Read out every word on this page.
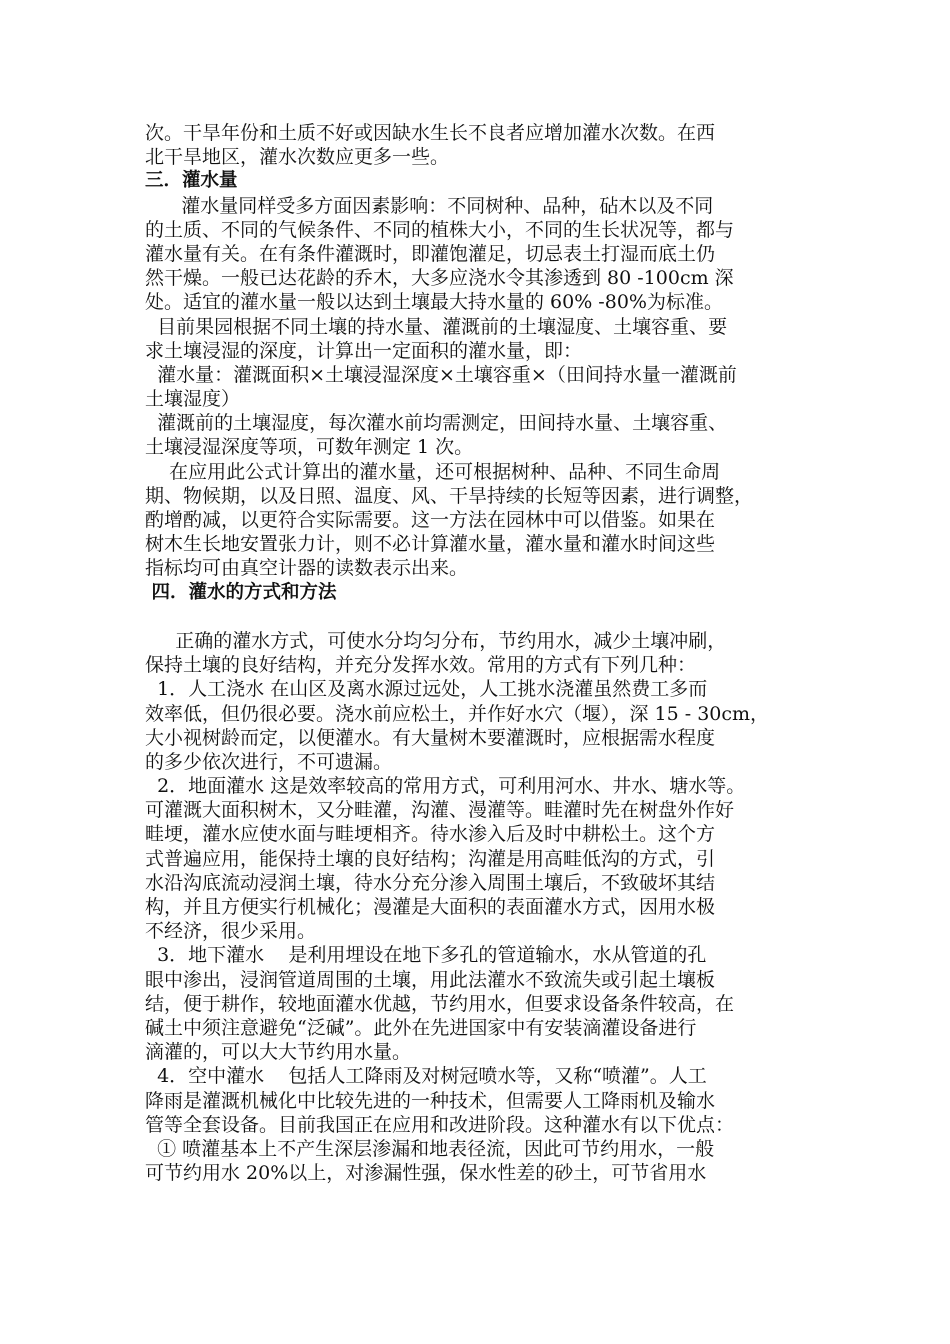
次。干旱年份和土质不好或因缺水生长不良者应增加灌水次数。在西
北干旱地区，灌水次数应更多一些。
三．灌水量
灌水量同样受多方面因素影响：不同树种、品种，砧木以及不同
的土质、不同的气候条件、不同的植株大小，不同的生长状况等，都与
灌水量有关。在有条件灌溉时，即灌饱灌足，切忌表土打湿而底土仍
然干燥。一般已达花龄的乔木，大多应浇水令其渗透到 80 -100cm 深
处。适宜的灌水量一般以达到土壤最大持水量的 60% -80%为标准。
目前果园根据不同土壤的持水量、灌溉前的土壤湿度、土壤容重、要
求土壤浸湿的深度，计算出一定面积的灌水量，即：
灌水量：灌溉面积×土壤浸湿深度×土壤容重×（田间持水量一灌溉前
土壤湿度）
灌溉前的土壤湿度，每次灌水前均需测定，田间持水量、土壤容重、
土壤浸湿深度等项，可数年测定 1 次。
在应用此公式计算出的灌水量，还可根据树种、品种、不同生命周
期、物候期，以及日照、温度、风、干旱持续的长短等因素，进行调整，
酌增酌减，以更符合实际需要。这一方法在园林中可以借鉴。如果在
树木生长地安置张力计，则不必计算灌水量，灌水量和灌水时间这些
指标均可由真空计器的读数表示出来。
四．灌水的方式和方法
正确的灌水方式，可使水分均匀分布，节约用水，减少土壤冲刷，
保持土壤的良好结构，并充分发挥水效。常用的方式有下列几种：
1．人工浇水 在山区及离水源过远处，人工挑水浇灌虽然费工多而
效率低，但仍很必要。浇水前应松土，并作好水穴（堰），深 15 - 30cm，
大小视树龄而定，以便灌水。有大量树木要灌溉时，应根据需水程度
的多少依次进行，不可遗漏。
2．地面灌水 这是效率较高的常用方式，可利用河水、井水、塘水等。
可灌溉大面积树木，又分畦灌，沟灌、漫灌等。畦灌时先在树盘外作好
畦埂，灌水应使水面与畦埂相齐。待水渗入后及时中耕松土。这个方
式普遍应用，能保持土壤的良好结构；沟灌是用高畦低沟的方式，引
水沿沟底流动浸润土壤，待水分充分渗入周围土壤后，不致破坏其结
构，并且方便实行机械化；漫灌是大面积的表面灌水方式，因用水极
不经济，很少采用。
3．地下灌水    是利用埋设在地下多孔的管道输水，水从管道的孔
眼中渗出，浸润管道周围的土壤，用此法灌水不致流失或引起土壤板
结，便于耕作，较地面灌水优越，节约用水，但要求设备条件较高，在
碱土中须注意避免“泛碱”。此外在先进国家中有安装滴灌设备进行
滴灌的，可以大大节约用水量。
4．空中灌水    包括人工降雨及对树冠喷水等，又称“喷灌”。人工
降雨是灌溉机械化中比较先进的一种技术，但需要人工降雨机及输水
管等全套设备。目前我国正在应用和改进阶段。这种灌水有以下优点：
① 喷灌基本上不产生深层渗漏和地表径流，因此可节约用水，一般
可节约用水 20%以上，对渗漏性强，保水性差的砂土，可节省用水
